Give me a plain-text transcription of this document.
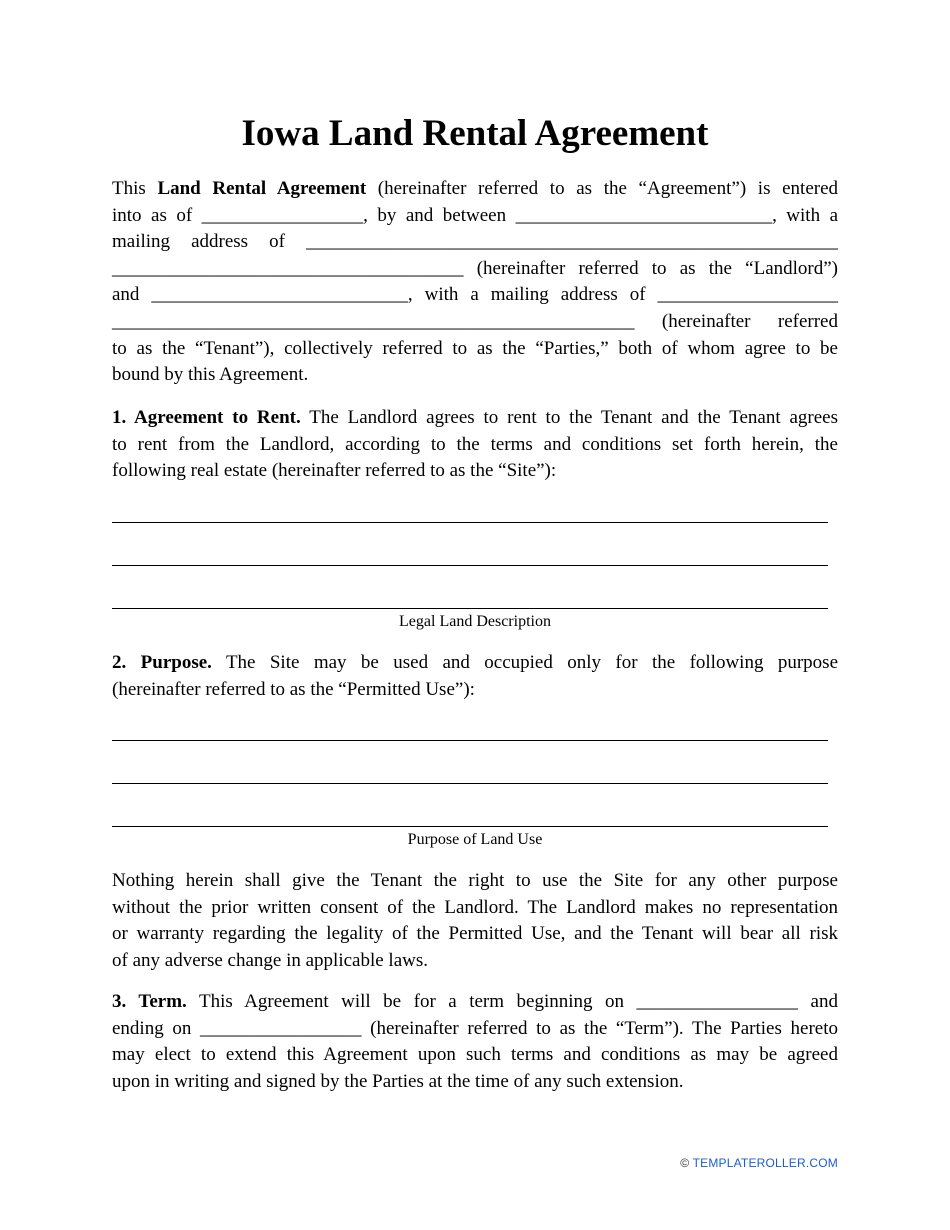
Iowa Land Rental Agreement
This Land Rental Agreement (hereinafter referred to as the “Agreement”) is entered
into as of _________________, by and between ___________________________, with a
mailing address of ________________________________________________________
_____________________________________ (hereinafter referred to as the “Landlord”)
and ___________________________, with a mailing address of ___________________
_______________________________________________________ (hereinafter referred
to as the “Tenant”), collectively referred to as the “Parties,” both of whom agree to be
bound by this Agreement.
1. Agreement to Rent. The Landlord agrees to rent to the Tenant and the Tenant agrees
to rent from the Landlord, according to the terms and conditions set forth herein, the
following real estate (hereinafter referred to as the “Site”):
Legal Land Description
2. Purpose. The Site may be used and occupied only for the following purpose
(hereinafter referred to as the “Permitted Use”):
Purpose of Land Use
Nothing herein shall give the Tenant the right to use the Site for any other purpose
without the prior written consent of the Landlord. The Landlord makes no representation
or warranty regarding the legality of the Permitted Use, and the Tenant will bear all risk
of any adverse change in applicable laws.
3. Term. This Agreement will be for a term beginning on _________________ and
ending on _________________ (hereinafter referred to as the “Term”). The Parties hereto
may elect to extend this Agreement upon such terms and conditions as may be agreed
upon in writing and signed by the Parties at the time of any such extension.
© TEMPLATEROLLER.COM
